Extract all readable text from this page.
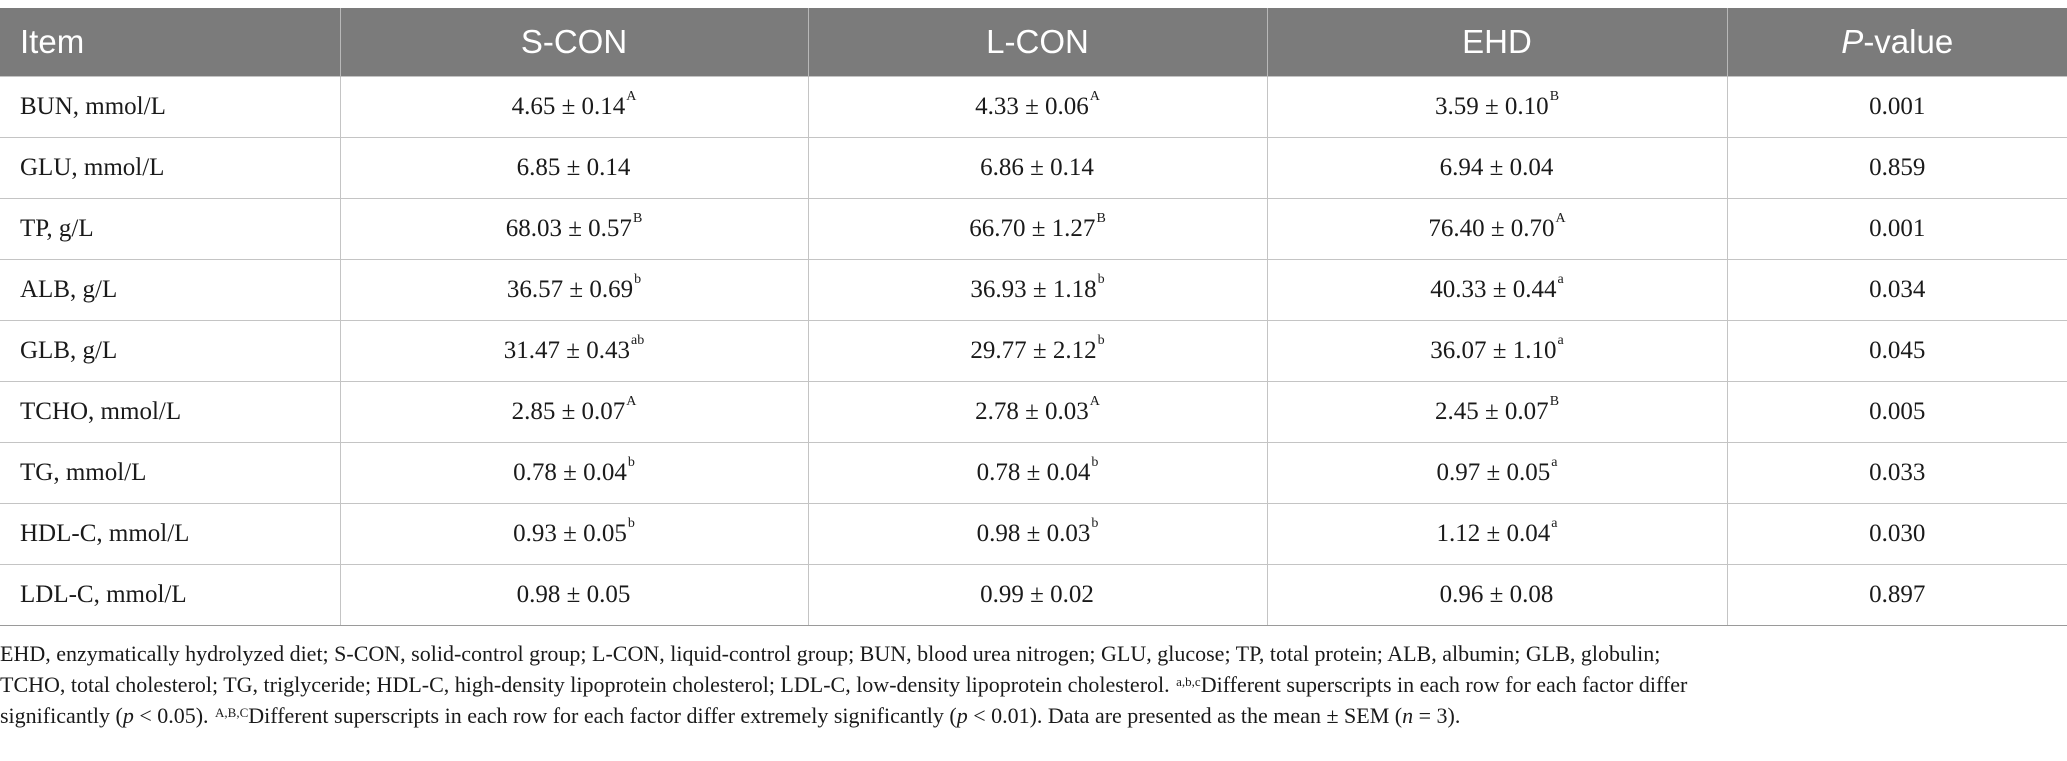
Item	S-CON	L-CON	EHD	P-value
BUN, mmol/L	$4.65 \pm 0.14^A$	$4.33 \pm 0.06^A$	$3.59 \pm 0.10^B$	0.001
GLU, mmol/L	6.85 ± 0.14	6.86 ± 0.14	6.94 ± 0.04	0.859
TP, g/L	$68.03 \pm 0.57^B$	$66.70 \pm 1.27^B$	$76.40 \pm 0.70^A$	0.001
ALB, g/L	36.57 ± 0.69$^b$	36.93 ± 1.18$^b$	40.33 ± 0.44$^a$	0.034
GLB, g/L	31.47 ± 0.43$^{ab}$	29.77 ± 2.12$^b$	36.07 ± 1.10$^a$	0.045
TCHO, mmol/L	$2.85 \pm 0.07^A$	$2.78 \pm 0.03^A$	$2.45 \pm 0.07^B$	0.005
TG, mmol/L	0.78 ± 0.04$^b$	0.78 ± 0.04$^b$	0.97 ± 0.05$^a$	0.033
HDL-C, mmol/L	0.93 ± 0.05$^b$	0.98 ± 0.03$^b$	1.12 ± 0.04$^a$	0.030
LDL-C, mmol/L	0.98 ± 0.05	0.99 ± 0.02	0.96 ± 0.08	0.897
EHD, enzymatically hydrolyzed diet; S-CON, solid-control group; L-CON, liquid-control group; BUN, blood urea nitrogen; GLU, glucose; TP, total protein; ALB, albumin; GLB, globulin;
TCHO, total cholesterol; TG, triglyceride; HDL-C, high-density lipoprotein cholesterol; LDL-C, low-density lipoprotein cholesterol. $^{a,b,c}$Different superscripts in each row for each factor differ
significantly (p < 0.05). $^{A,B,C}$Different superscripts in each row for each factor differ extremely significantly (p < 0.01). Data are presented as the mean ± SEM (n = 3).
